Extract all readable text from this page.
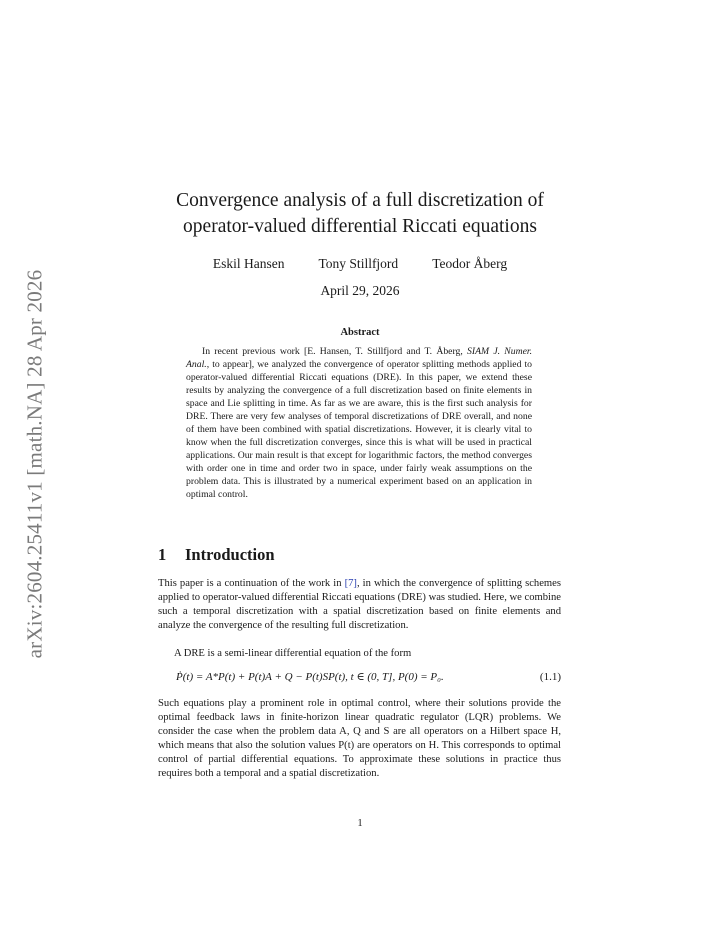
arXiv:2604.25411v1 [math.NA] 28 Apr 2026
Convergence analysis of a full discretization of
operator-valued differential Riccati equations
Eskil Hansen	Tony Stillfjord	Teodor Åberg
April 29, 2026
Abstract
In recent previous work [E. Hansen, T. Stillfjord and T. Åberg, SIAM J. Numer. Anal., to appear], we analyzed the convergence of operator splitting methods applied to operator-valued differential Riccati equations (DRE). In this paper, we extend these results by analyzing the convergence of a full discretization based on finite elements in space and Lie splitting in time. As far as we are aware, this is the first such analysis for DRE. There are very few analyses of temporal discretizations of DRE overall, and none of them have been combined with spatial discretizations. However, it is clearly vital to know when the full discretization converges, since this is what will be used in practical applications. Our main result is that except for logarithmic factors, the method converges with order one in time and order two in space, under fairly weak assumptions on the problem data. This is illustrated by a numerical experiment based on an application in optimal control.
1 Introduction
This paper is a continuation of the work in [7], in which the convergence of splitting schemes applied to operator-valued differential Riccati equations (DRE) was studied. Here, we combine such a temporal discretization with a spatial discretization based on finite elements and analyze the convergence of the resulting full discretization.
A DRE is a semi-linear differential equation of the form
Ṗ(t) = A*P(t) + P(t)A + Q − P(t)SP(t), t ∈ (0, T], P(0) = P₀.	(1.1)
Such equations play a prominent role in optimal control, where their solutions provide the optimal feedback laws in finite-horizon linear quadratic regulator (LQR) problems. We consider the case when the problem data A, Q and S are all operators on a Hilbert space H, which means that also the solution values P(t) are operators on H. This corresponds to optimal control of partial differential equations. To approximate these solutions in practice thus requires both a temporal and a spatial discretization.
1
